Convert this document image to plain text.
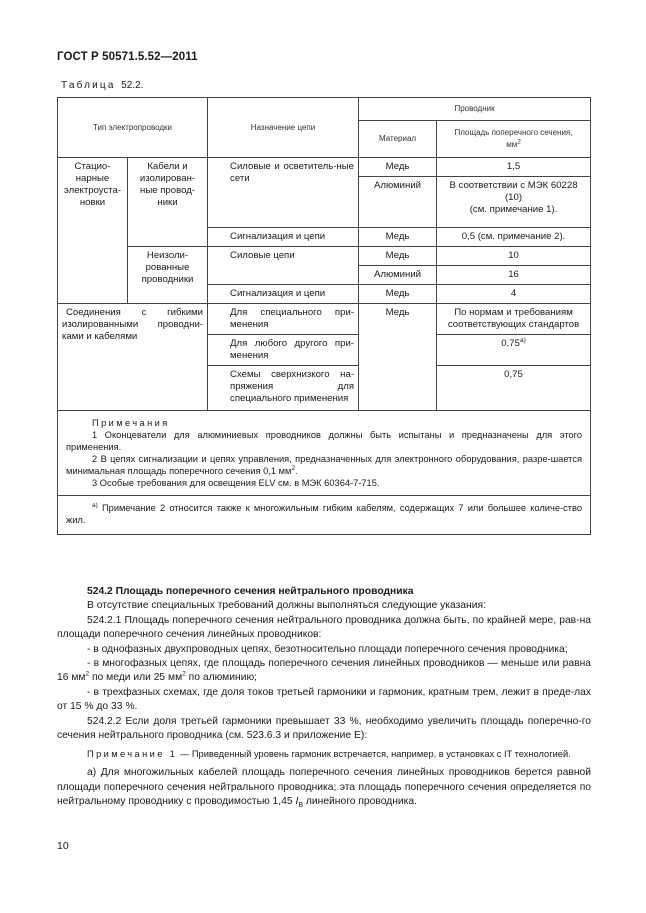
ГОСТ Р 50571.5.52—2011
Таблица 52.2.
Тип электропроводки		Назначение цепи	Проводник	
			Материал	Площадь поперечного сечения,
$мм^2$
Стацио-нарные электроуста-новки	Кабели и изолирован-ные провод-ники	Силовые и осветитель-ные сети	Медь	1,5
			Алюминий	В соответствии с МЭК 60228 (10)
(см. примечание 1).
		Сигнализация и цепи	Медь	0,5 (см. примечание 2).
	Неизоли-рованные проводники	Силовые цепи	Медь	10
			Алюминий	16
		Сигнализация и цепи	Медь	4
Соединения с гибкими изолированными проводни-ками и кабелями		Для специального при-менения	Медь	По нормам и требованиям соответствующих стандартов
		Для любого другого при-менения		$0,75^{а)}$
		Схемы сверхнизкого на-пряжения для специального применения		0,75

Примечания
1 Оконцеватели для алюминиевых проводников должны быть испытаны и предназначены для этого применения.
2 В цепях сигнализации и цепях управления, предназначенных для электронного оборудования, разре-шается минимальная площадь поперечного сечения 0,1 $мм^2$.
3 Особые требования для освещения ELV см. в МЭК 60364-7-715.				

$^{а)}$ Примечание 2 относится также к многожильным гибким кабелям, содержащих 7 или большее количе-ство жил.				

524.2 Площадь поперечного сечения нейтрального проводника

В отсутствие специальных требований должны выполняться следующие указания:

524.2.1 Площадь поперечного сечения нейтрального проводника должна быть, по крайней мере, рав-на площади поперечного сечения линейных проводников:

- в однофазных двухпроводных цепях, безотносительно площади поперечного сечения проводника;

- в многофазных цепях, где площадь поперечного сечения линейных проводников — меньше или равна 16 $мм^2$ по меди или 25 $мм^2$ по алюминию;

- в трехфазных схемах, где доля токов третьей гармоники и гармоник, кратным трем, лежит в преде-лах от 15 % до 33 %.

524.2.2 Если доля третьей гармоники превышает 33 %, необходимо увеличить площадь поперечно-го сечения нейтрального проводника (см. 523.6.3 и приложение Е):

Примечание 1 — Приведенный уровень гармоник встречается, например, в установках с IT технологией.

а) Для многожильных кабелей площадь поперечного сечения линейных проводников берется равной площади поперечного сечения нейтрального проводника; эта площадь поперечного сечения определяется по нейтральному проводнику с проводимостью 1,45 $I_B$ линейного проводника.

10
